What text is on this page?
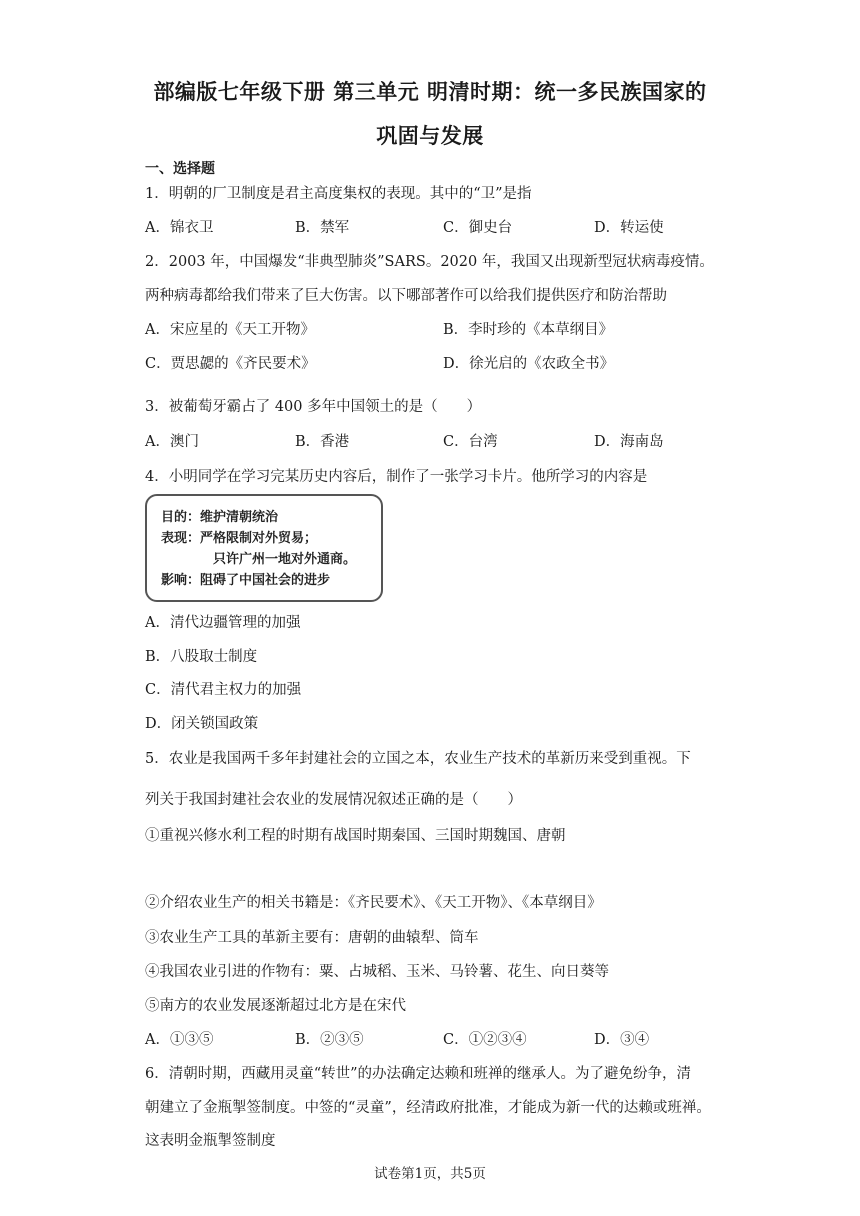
部编版七年级下册 第三单元 明清时期：统一多民族国家的
巩固与发展
一、选择题
1．明朝的厂卫制度是君主高度集权的表现。其中的“卫”是指
A．锦衣卫	B．禁军	C．御史台	D．转运使
2．2003 年，中国爆发“非典型肺炎”SARS。2020 年，我国又出现新型冠状病毒疫情。
两种病毒都给我们带来了巨大伤害。以下哪部著作可以给我们提供医疗和防治帮助
A．宋应星的《天工开物》	B．李时珍的《本草纲目》
C．贾思勰的《齐民要术》	D．徐光启的《农政全书》
3．被葡萄牙霸占了 400 多年中国领土的是（　　）
A．澳门	B．香港	C．台湾	D．海南岛
4．小明同学在学习完某历史内容后，制作了一张学习卡片。他所学习的内容是
目的：维护清朝统治
表现：严格限制对外贸易；
只许广州一地对外通商。
影响：阻碍了中国社会的进步
A．清代边疆管理的加强
B．八股取士制度
C．清代君主权力的加强
D．闭关锁国政策
5．农业是我国两千多年封建社会的立国之本，农业生产技术的革新历来受到重视。下
列关于我国封建社会农业的发展情况叙述正确的是（　　）
①重视兴修水利工程的时期有战国时期秦国、三国时期魏国、唐朝
②介绍农业生产的相关书籍是：《齐民要术》、《天工开物》、《本草纲目》
③农业生产工具的革新主要有：唐朝的曲辕犁、筒车
④我国农业引进的作物有：粟、占城稻、玉米、马铃薯、花生、向日葵等
⑤南方的农业发展逐渐超过北方是在宋代
A．①③⑤	B．②③⑤	C．①②③④	D．③④
6．清朝时期，西藏用灵童“转世”的办法确定达赖和班禅的继承人。为了避免纷争，清
朝建立了金瓶掣签制度。中签的“灵童”，经清政府批准，才能成为新一代的达赖或班禅。
这表明金瓶掣签制度
试卷第1页，共5页
